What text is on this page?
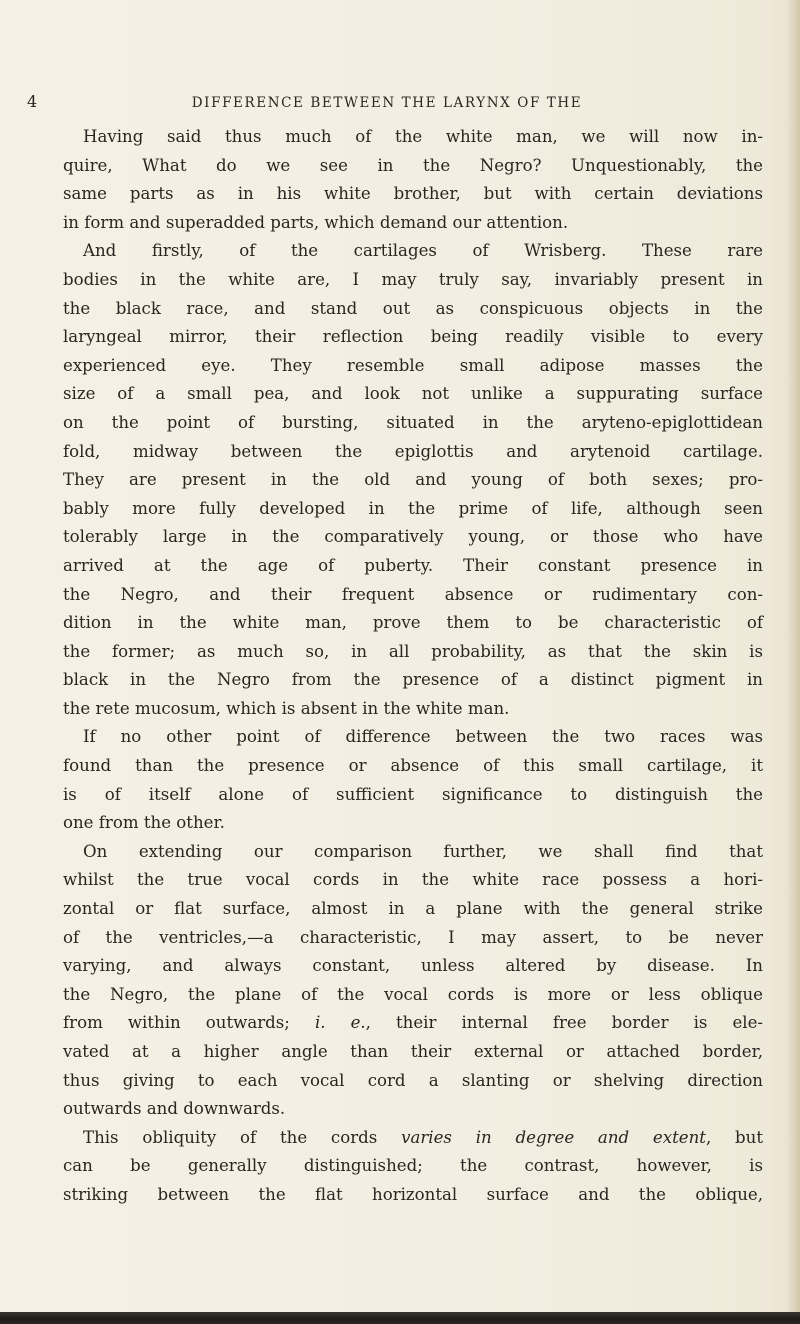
4	DIFFERENCE BETWEEN THE LARYNX OF THE
Having said thus much of the white man, we will now in-
quire, What do we see in the Negro? Unquestionably, the
same parts as in his white brother, but with certain deviations
in form and superadded parts, which demand our attention.
And firstly, of the cartilages of Wrisberg. These rare
bodies in the white are, I may truly say, invariably present in
the black race, and stand out as conspicuous objects in the
laryngeal mirror, their reflection being readily visible to every
experienced eye. They resemble small adipose masses the
size of a small pea, and look not unlike a suppurating surface
on the point of bursting, situated in the aryteno-epiglottidean
fold, midway between the epiglottis and arytenoid cartilage.
They are present in the old and young of both sexes; pro-
bably more fully developed in the prime of life, although seen
tolerably large in the comparatively young, or those who have
arrived at the age of puberty. Their constant presence in
the Negro, and their frequent absence or rudimentary con-
dition in the white man, prove them to be characteristic of
the former; as much so, in all probability, as that the skin is
black in the Negro from the presence of a distinct pigment in
the rete mucosum, which is absent in the white man.
If no other point of difference between the two races was
found than the presence or absence of this small cartilage, it
is of itself alone of sufficient significance to distinguish the
one from the other.
On extending our comparison further, we shall find that
whilst the true vocal cords in the white race possess a hori-
zontal or flat surface, almost in a plane with the general strike
of the ventricles,—a characteristic, I may assert, to be never
varying, and always constant, unless altered by disease. In
the Negro, the plane of the vocal cords is more or less oblique
from within outwards; i. e., their internal free border is ele-
vated at a higher angle than their external or attached border,
thus giving to each vocal cord a slanting or shelving direction
outwards and downwards.
This obliquity of the cords varies in degree and extent, but
can be generally distinguished; the contrast, however, is
striking between the flat horizontal surface and the oblique,
